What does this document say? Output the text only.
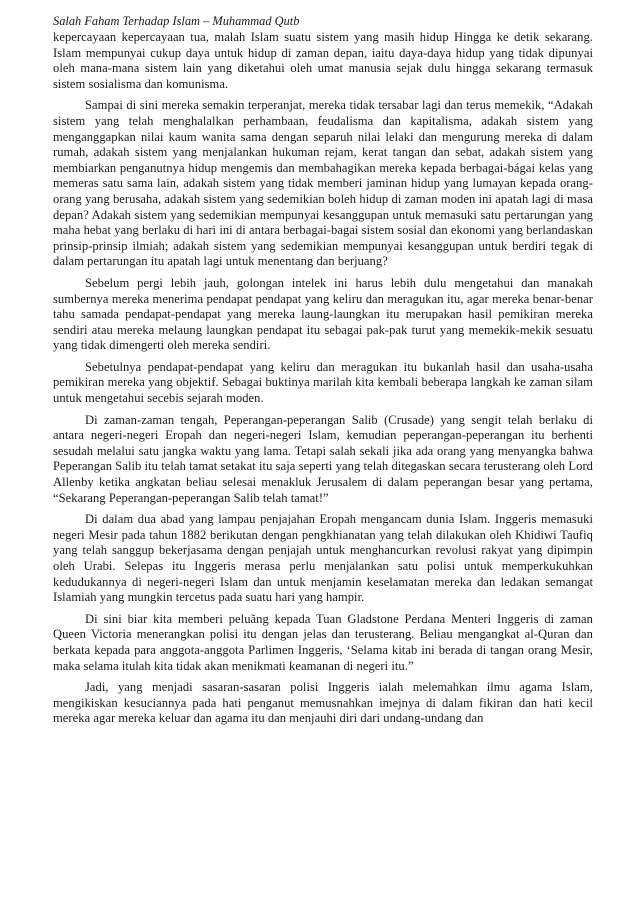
Salah Faham Terhadap Islam – Muhammad Qutb

kepercayaan kepercayaan tua, malah Islam suatu sistem yang masih hidup Hingga ke detik sekarang. Islam mempunyai cukup daya untuk hidup di zaman depan, iaitu daya-daya hidup yang tidak dipunyai oleh mana-mana sistem lain yang diketahui oleh umat manusia sejak dulu hingga sekarang termasuk sistem sosialisma dan komunisma.

Sampai di sini mereka semakin terperanjat, mereka tidak tersabar lagi dan terus memekik, “Adakah sistem yang telah menghalalkan perhambaan, feudalisma dan kapitalisma, adakah sistem yang menganggapkan nilai kaum wanita sama dengan separuh nilai lelaki dan mengurung mereka di dalam rumah, adakah sistem yang menjalankan hukuman rejam, kerat tangan dan sebat, adakah sistem yang membiarkan penganutnya hidup mengemis dan membahagikan mereka kepada berbagai-bágai kelas yang memeras satu sama lain, adakah sistem yang tidak memberi jaminan hidup yang lumayan kepada orang-orang yang berusaha, adakah sistem yang sedemikian boleh hidup di zaman moden ini apatah lagi di masa depan? Adakah sistem yang sedemikian mempunyai kesanggupan untuk memasuki satu pertarungan yang maha hebat yang berlaku di hari ini di antara berbagai-bagai sistem sosial dan ekonomi yang berlandaskan prinsip-prinsip ilmiah; adakah sistem yang sedemikian mempunyai kesanggupan untuk berdiri tegak di dalam pertarungan itu apatah lagi untuk menentang dan berjuang?

Sebelum pergi lebih jauh, golongan intelek ini harus lebih dulu mengetahui dan manakah sumbernya mereka menerima pendapat pendapat yang keliru dan meragukan itu, agar mereka benar-benar tahu samada pendapat-pendapat yang mereka laung-laungkan itu merupakan hasil pemikiran mereka sendiri atau mereka melaung laungkan pendapat itu sebagai pak-pak turut yang memekik-mekik sesuatu yang tidak dimengerti oleh mereka sendiri.

Sebetulnya pendapat-pendapat yang keliru dan meragukan itu bukanlah hasil dan usaha-usaha pemikiran mereka yang objektif. Sebagai buktinya marilah kita kembali beberapa langkah ke zaman silam untuk mengetahui secebis sejarah moden.

Di zaman-zaman tengah, Peperangan-peperangan Salib (Crusade) yang sengit telah berlaku di antara negeri-negeri Eropah dan negeri-negeri Islam, kemudian peperangan-peperangan itu berhenti sesudah melalui satu jangka waktu yang lama. Tetapi salah sekali jika ada orang yang menyangka bahwa Peperangan Salib itu telah tamat setakat itu saja seperti yang telah ditegaskan secara terusterang oleh Lord Allenby ketika angkatan beliau selesai menakluk Jerusalem di dalam peperangan besar yang pertama, “Sekarang Peperangan-peperangan Salib telah tamat!”

Di dalam dua abad yang lampau penjajahan Eropah mengancam dunia Islam. Inggeris memasuki negeri Mesir pada tahun 1882 berikutan dengan pengkhianatan yang telah dilakukan oleh Khidiwi Taufiq yang telah sanggup bekerjasama dengan penjajah untuk menghancurkan revolusi rakyat yang dipimpin oleh Urabi. Selepas itu Inggeris merasa perlu menjalankan satu polisi untuk memperkukuhkan kedudukannya di negeri-negeri Islam dan untuk menjamin keselamatan mereka dan ledakan semangat Islamiah yang mungkin tercetus pada suatu hari yang hampir.

Di sini biar kita memberi peluãng kepada Tuan Gladstone Perdana Menteri Inggeris di zaman Queen Victoria menerangkan polisi itu dengan jelas dan terusterang. Beliau mengangkat al-Quran dan berkata kepada para anggota-anggota Parlimen Inggeris, ‘Selama kitab ini berada di tangan orang Mesir, maka selama itulah kita tidak akan menikmati keamanan di negeri itu.”

Jadi, yang menjadi sasaran-sasaran polisi Inggeris ialah melemahkan ilmu agama Islam, mengikiskan kesuciannya pada hati penganut memusnahkan imejnya di dalam fikiran dan hati kecil mereka agar mereka keluar dan agama itu dan menjauhi diri dari undang-undang dan
